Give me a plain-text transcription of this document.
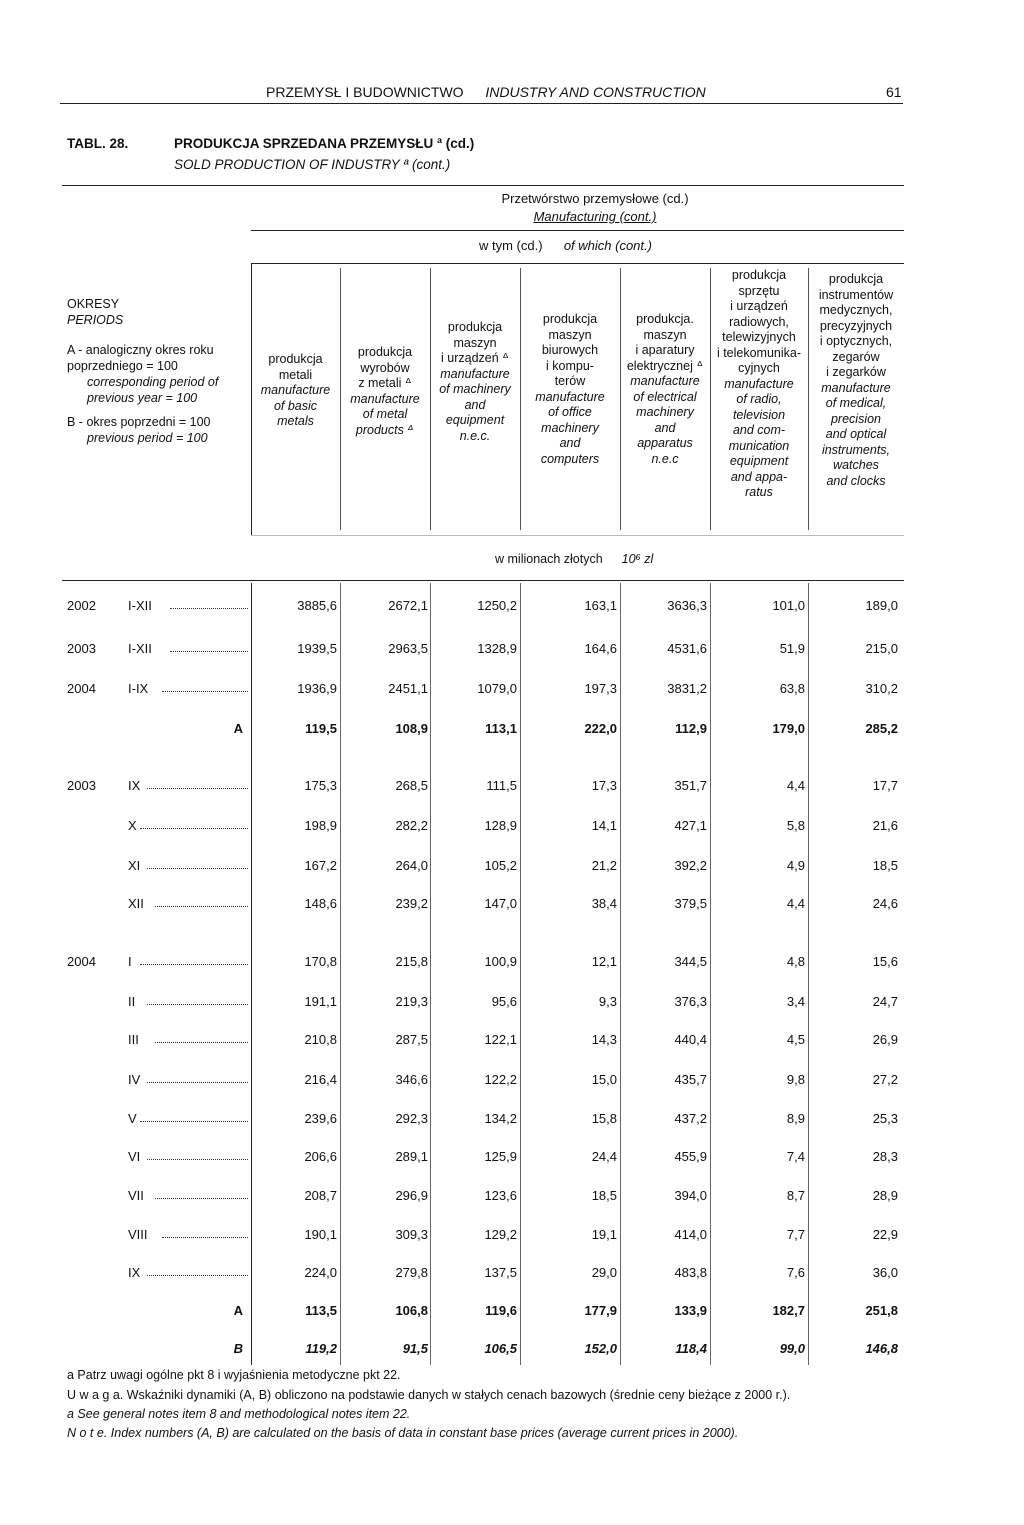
PRZEMYSŁ I BUDOWNICTWO INDUSTRY AND CONSTRUCTION	61
TABL. 28.	PRODUKCJA SPRZEDANA PRZEMYSŁU ª (cd.)
SOLD PRODUCTION OF INDUSTRY ª (cont.)
Przetwórstwo przemysłowe (cd.)
Manufacturing (cont.)
w tym (cd.) of which (cont.)
OKRESY
PERIODS
A - analogiczny okres roku
poprzedniego = 100
corresponding period of
previous year = 100
B - okres poprzedni = 100
previous period = 100
produkcja
metali
manufacture
of basic
metals
produkcja
wyrobów
z metali ᐞ
manufacture
of metal
products ᐞ
produkcja
maszyn
i urządzeń ᐞ
manufacture
of machinery
and
equipment
n.e.c.
produkcja
maszyn
biurowych
i kompu-
terów
manufacture
of office
machinery
and
computers
produkcja.
maszyn
i aparatury
elektrycznej ᐞ
manufacture
of electrical
machinery
and
apparatus
n.e.c
produkcja
sprzętu
i urządzeń
radiowych,
telewizyjnych
i telekomunika-
cyjnych
manufacture
of radio,
television
and com-
munication
equipment
and appa-
ratus
produkcja
instrumentów
medycznych,
precyzyjnych
i optycznych,
zegarów
i zegarków
manufacture
of medical,
precision
and optical
instruments,
watches
and clocks
w milionach złotych 10⁶ zl
2002 I-XII	3885,6	2672,1	1250,2	163,1	3636,3	101,0	189,0
2003 I-XII	1939,5	2963,5	1328,9	164,6	4531,6	51,9	215,0
2004 I-IX	1936,9	2451,1	1079,0	197,3	3831,2	63,8	310,2
A	119,5	108,9	113,1	222,0	112,9	179,0	285,2
2003 IX	175,3	268,5	111,5	17,3	351,7	4,4	17,7
X	198,9	282,2	128,9	14,1	427,1	5,8	21,6
XI	167,2	264,0	105,2	21,2	392,2	4,9	18,5
XII	148,6	239,2	147,0	38,4	379,5	4,4	24,6
2004 I	170,8	215,8	100,9	12,1	344,5	4,8	15,6
II	191,1	219,3	95,6	9,3	376,3	3,4	24,7
III	210,8	287,5	122,1	14,3	440,4	4,5	26,9
IV	216,4	346,6	122,2	15,0	435,7	9,8	27,2
V	239,6	292,3	134,2	15,8	437,2	8,9	25,3
VI	206,6	289,1	125,9	24,4	455,9	7,4	28,3
VII	208,7	296,9	123,6	18,5	394,0	8,7	28,9
VIII	190,1	309,3	129,2	19,1	414,0	7,7	22,9
IX	224,0	279,8	137,5	29,0	483,8	7,6	36,0
A	113,5	106,8	119,6	177,9	133,9	182,7	251,8
B	119,2	91,5	106,5	152,0	118,4	99,0	146,8
a Patrz uwagi ogólne pkt 8 i wyjaśnienia metodyczne pkt 22.
U w a g a. Wskaźniki dynamiki (A, B) obliczono na podstawie danych w stałych cenach bazowych (średnie ceny bieżące z 2000 r.).
a See general notes item 8 and methodological notes item 22.
N o t e. Index numbers (A, B) are calculated on the basis of data in constant base prices (average current prices in 2000).
